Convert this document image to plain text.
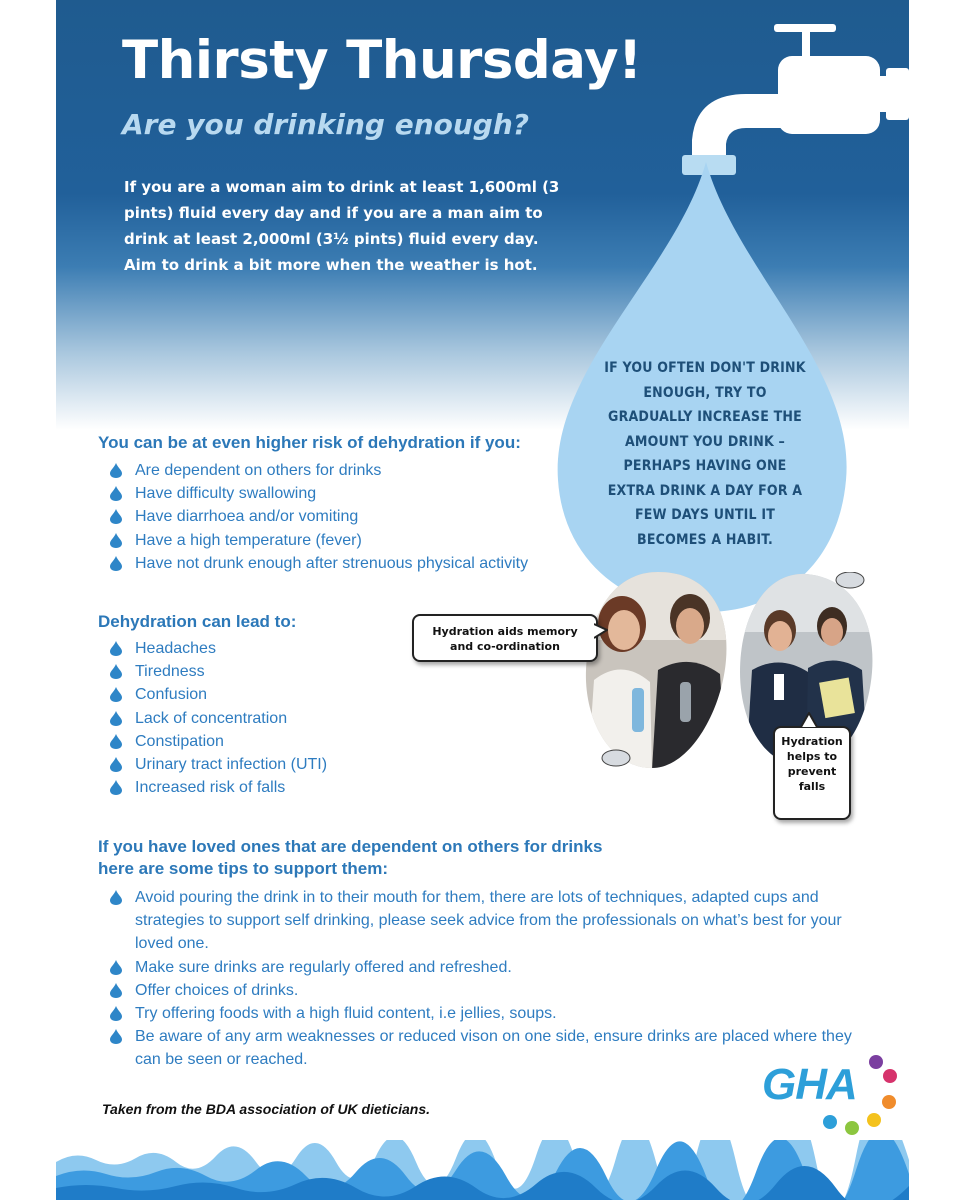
Thirsty Thursday!
Are you drinking enough?

If you are a woman aim to drink at least 1,600ml (3 pints) fluid every day and if you are a man aim to drink at least 2,000ml (3½ pints) fluid every day. Aim to drink a bit more when the weather is hot.

IF YOU OFTEN DON'T DRINK ENOUGH, TRY TO GRADUALLY INCREASE THE AMOUNT YOU DRINK – PERHAPS HAVING ONE EXTRA DRINK A DAY FOR A FEW DAYS UNTIL IT BECOMES A HABIT.

You can be at even higher risk of dehydration if you:
Are dependent on others for drinks
Have difficulty swallowing
Have diarrhoea and/or vomiting
Have a high temperature (fever)
Have not drunk enough after strenuous physical activity
Dehydration can lead to:
Headaches
Tiredness
Confusion
Lack of concentration
Constipation
Urinary tract infection (UTI)
Increased risk of falls
Hydration aids memory
and co-ordination
Hydration
helps to
prevent
falls
If you have loved ones that are dependent on others for drinks
here are some tips to support them:
Avoid pouring the drink in to their mouth for them, there are lots of techniques, adapted cups and strategies to support self drinking, please seek advice from the professionals on what’s best for your loved one.
Make sure drinks are regularly offered and refreshed.
Offer choices of drinks.
Try offering foods with a high fluid content, i.e jellies, soups.
Be aware of any arm weaknesses or reduced vison on one side, ensure drinks are placed where they can be seen or reached.

Taken from the BDA association of UK dieticians.	GHA
